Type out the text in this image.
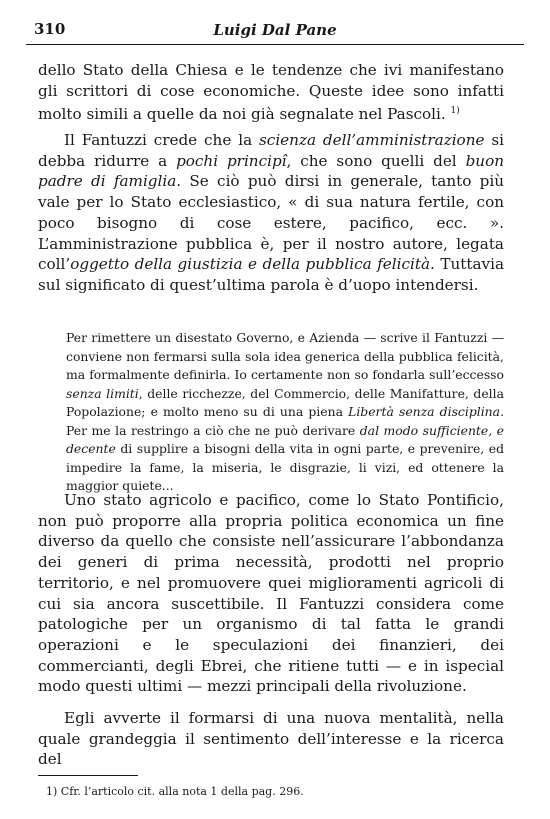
310	Luigi Dal Pane

dello Stato della Chiesa e le tendenze che ivi manifestano gli scrittori di cose economiche. Queste idee sono infatti molto simili a quelle da noi già segnalate nel Pascoli. $^{1)}$

Il Fantuzzi crede che la scienza dell’amministrazione si debba ridurre a pochi principî, che sono quelli del buon padre di famiglia. Se ciò può dirsi in generale, tanto più vale per lo Stato ecclesiastico, « di sua natura fertile, con poco bisogno di cose estere, pacifico, ecc. ». L’amministrazione pubblica è, per il nostro autore, legata coll’oggetto della giustizia e della pubblica felicità. Tuttavia sul significato di quest’ultima parola è d’uopo intendersi.

Per rimettere un disestato Governo, e Azienda — scrive il Fantuzzi — conviene non fermarsi sulla sola idea generica della pubblica felicità, ma formalmente definirla. Io certamente non so fondarla sull’eccesso senza limiti, delle ricchezze, del Commercio, delle Manifatture, della Popolazione; e molto meno su di una piena Libertà senza disciplina. Per me la restringo a ciò che ne può derivare dal modo sufficiente, e decente di supplire a bisogni della vita in ogni parte, e prevenire, ed impedire la fame, la miseria, le disgrazie, li vizi, ed ottenere la maggior quiete...

Uno stato agricolo e pacifico, come lo Stato Pontificio, non può proporre alla propria politica economica un fine diverso da quello che consiste nell’assicurare l’abbondanza dei generi di prima necessità, prodotti nel proprio territorio, e nel promuovere quei miglioramenti agricoli di cui sia ancora suscettibile. Il Fantuzzi considera come patologiche per un organismo di tal fatta le grandi operazioni e le speculazioni dei finanzieri, dei commercianti, degli Ebrei, che ritiene tutti — e in ispecial modo questi ultimi — mezzi principali della rivoluzione.

Egli avverte il formarsi di una nuova mentalità, nella quale grandeggia il sentimento dell’interesse e la ricerca del

1) Cfr. l’articolo cit. alla nota 1 della pag. 296.
